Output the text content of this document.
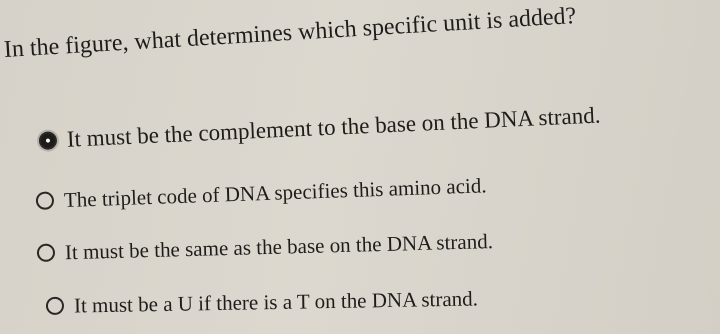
In the figure, what determines which specific unit is added?
It must be the complement to the base on the DNA strand.
The triplet code of DNA specifies this amino acid.
It must be the same as the base on the DNA strand.
It must be a U if there is a T on the DNA strand.
